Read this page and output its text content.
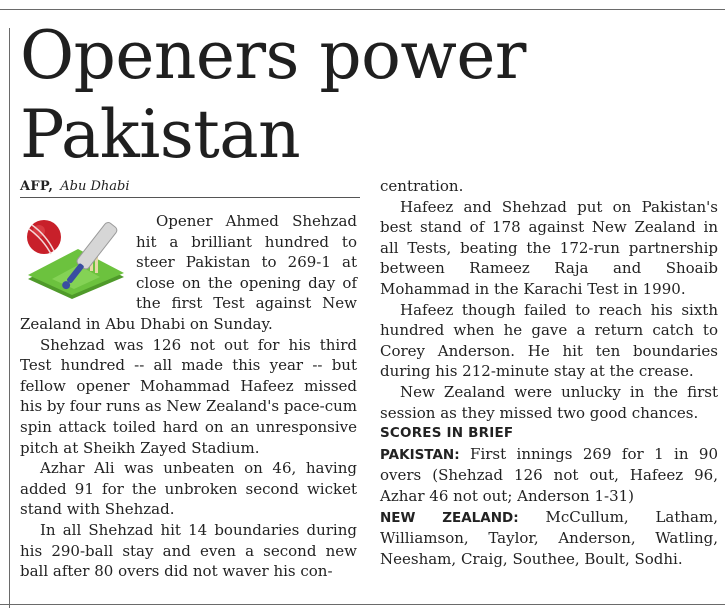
Openers power Pakistan
AFP, Abu Dhabi

Opener Ahmed Shehzad hit a brilliant hundred to steer Pakistan to 269-1 at close on the opening day of the first Test against New Zealand in Abu Dhabi on Sunday.

Shehzad was 126 not out for his third Test hundred -- all made this year -- but fellow opener Mohammad Hafeez missed his by four runs as New Zealand's pace-cum spin attack toiled hard on an unresponsive pitch at Sheikh Zayed Stadium.

Azhar Ali was unbeaten on 46, having added 91 for the unbroken second wicket stand with Shehzad.

In all Shehzad hit 14 boundaries during his 290-ball stay and even a second new ball after 80 overs did not waver his con-

centration.

Hafeez and Shehzad put on Pakistan's best stand of 178 against New Zealand in all Tests, beating the 172-run partnership between Rameez Raja and Shoaib Mohammad in the Karachi Test in 1990.

Hafeez though failed to reach his sixth hundred when he gave a return catch to Corey Anderson. He hit ten boundaries during his 212-minute stay at the crease.

New Zealand were unlucky in the first session as they missed two good chances.

SCORES IN BRIEF

PAKISTAN: First innings 269 for 1 in 90 overs (Shehzad 126 not out, Hafeez 96, Azhar 46 not out; Anderson 1-31)

NEW ZEALAND: McCullum, Latham, Williamson, Taylor, Anderson, Watling, Neesham, Craig, Southee, Boult, Sodhi.
